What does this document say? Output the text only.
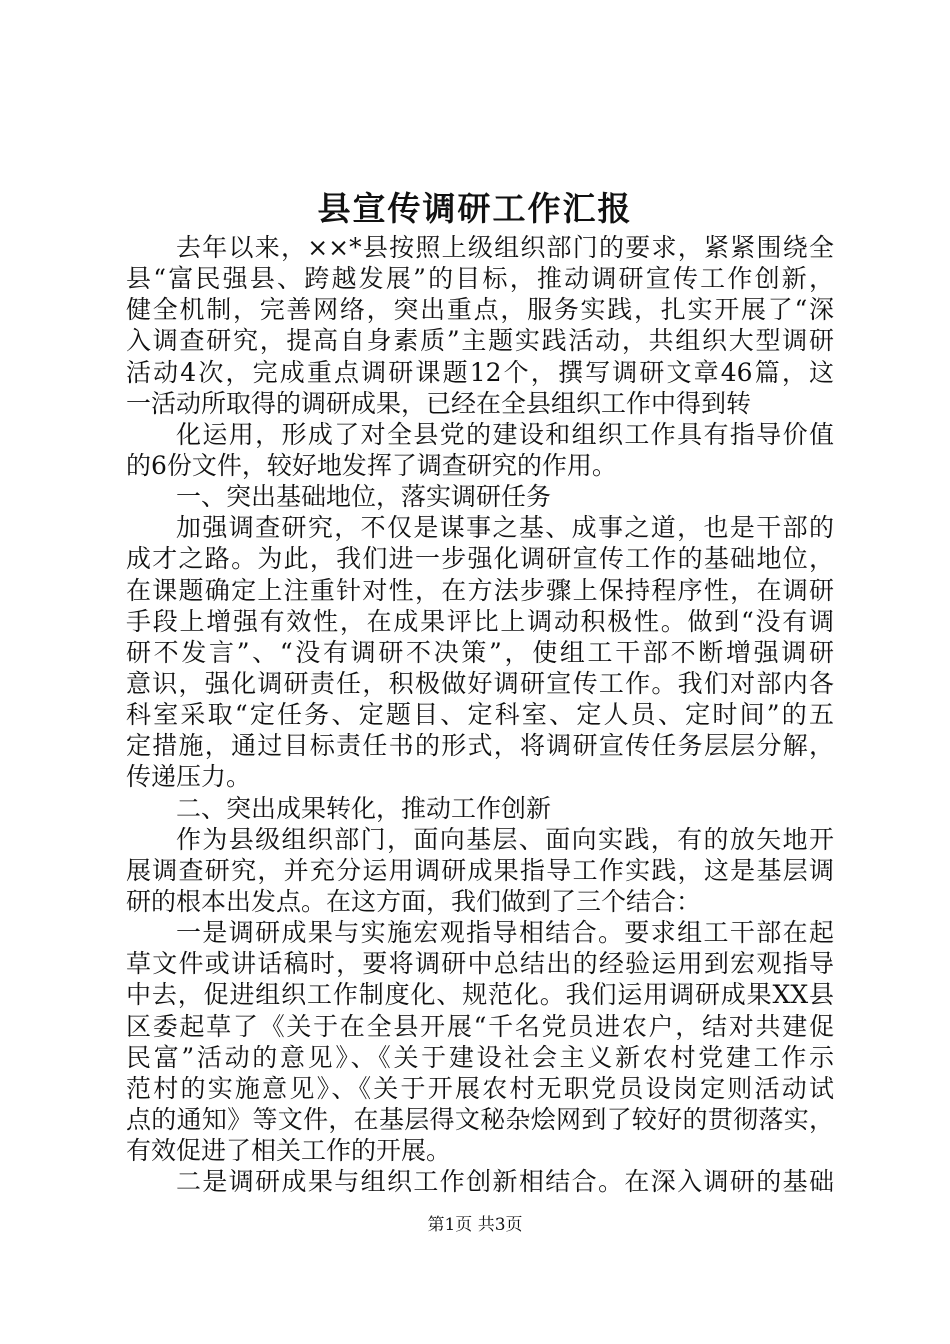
县宣传调研工作汇报
去年以来，××*县按照上级组织部门的要求，紧紧围绕全
县“富民强县、跨越发展”的目标，推动调研宣传工作创新，
健全机制，完善网络，突出重点，服务实践，扎实开展了“深
入调查研究，提高自身素质”主题实践活动，共组织大型调研
活动4次，完成重点调研课题12个，撰写调研文章46篇，这
一活动所取得的调研成果，已经在全县组织工作中得到转
化运用，形成了对全县党的建设和组织工作具有指导价值
的6份文件，较好地发挥了调查研究的作用。
一、突出基础地位，落实调研任务
加强调查研究，不仅是谋事之基、成事之道，也是干部的
成才之路。为此，我们进一步强化调研宣传工作的基础地位，
在课题确定上注重针对性，在方法步骤上保持程序性，在调研
手段上增强有效性，在成果评比上调动积极性。做到“没有调
研不发言”、“没有调研不决策”，使组工干部不断增强调研
意识，强化调研责任，积极做好调研宣传工作。我们对部内各
科室采取“定任务、定题目、定科室、定人员、定时间”的五
定措施，通过目标责任书的形式，将调研宣传任务层层分解，
传递压力。
二、突出成果转化，推动工作创新
作为县级组织部门，面向基层、面向实践，有的放矢地开
展调查研究，并充分运用调研成果指导工作实践，这是基层调
研的根本出发点。在这方面，我们做到了三个结合：
一是调研成果与实施宏观指导相结合。要求组工干部在起
草文件或讲话稿时，要将调研中总结出的经验运用到宏观指导
中去，促进组织工作制度化、规范化。我们运用调研成果XX县
区委起草了《关于在全县开展“千名党员进农户，结对共建促
民富”活动的意见》、《关于建设社会主义新农村党建工作示
范村的实施意见》、《关于开展农村无职党员设岗定则活动试
点的通知》等文件，在基层得文秘杂烩网到了较好的贯彻落实，
有效促进了相关工作的开展。
二是调研成果与组织工作创新相结合。在深入调研的基础
第1页 共3页
